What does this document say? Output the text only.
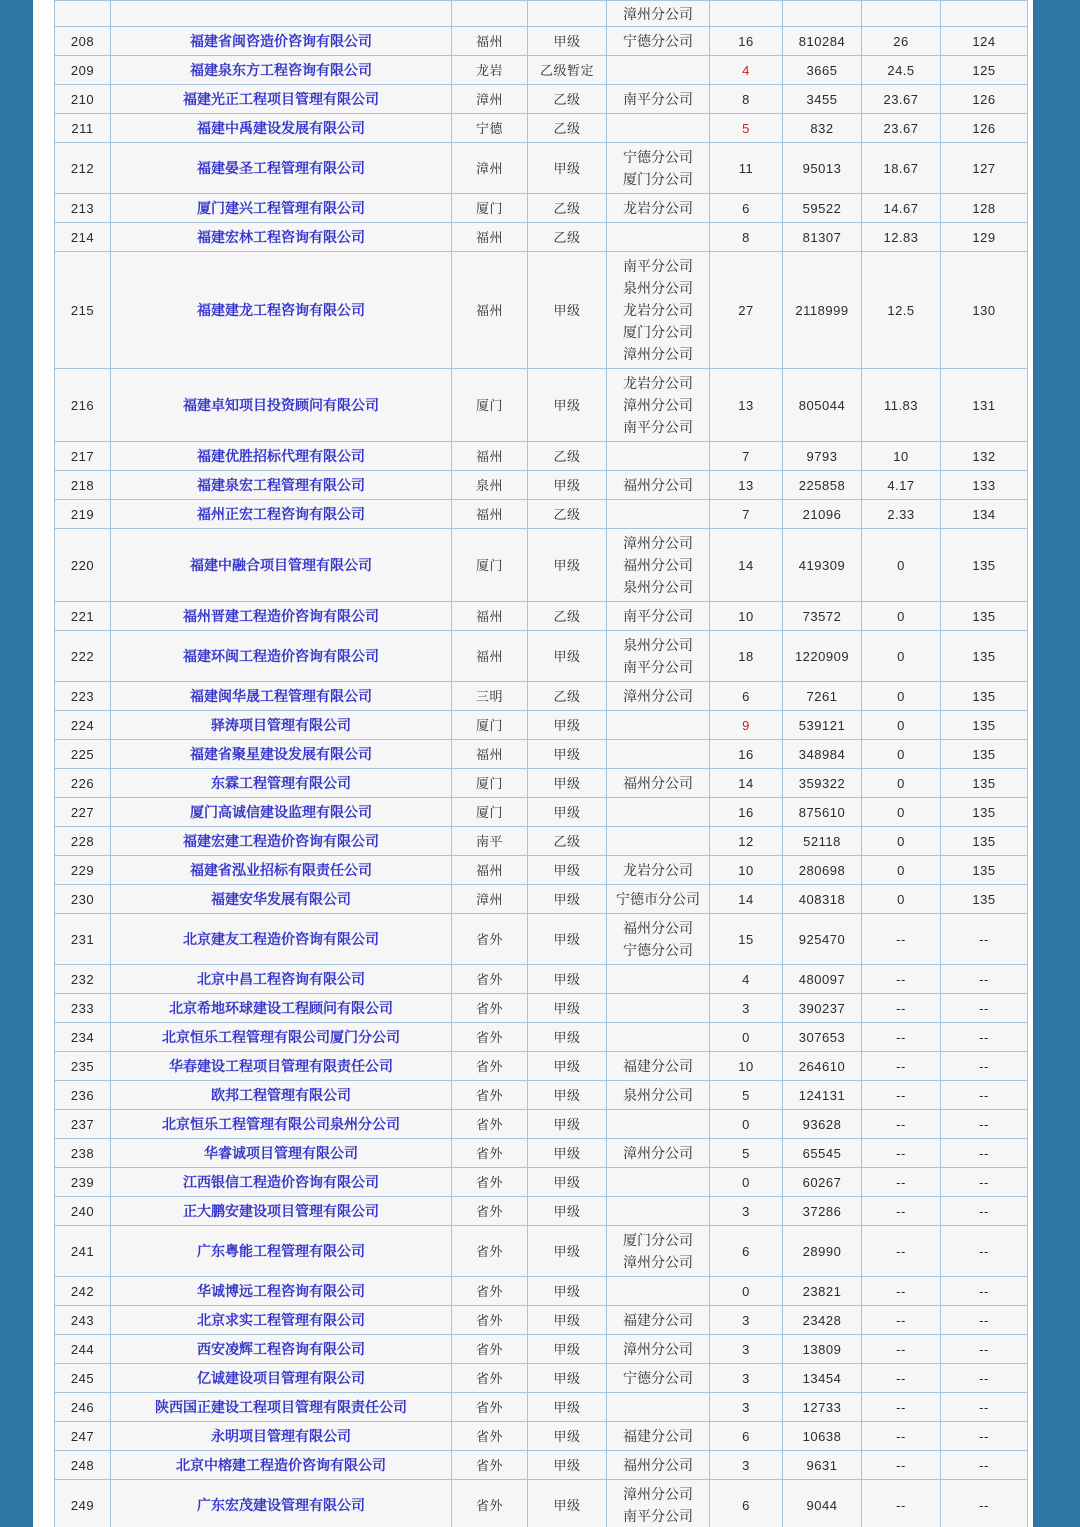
				漳州分公司				

208	福建省闽咨造价咨询有限公司	福州	甲级	宁德分公司	16	810284	26	124
209	福建泉东方工程咨询有限公司	龙岩	乙级暂定		4	3665	24.5	125
210	福建光正工程项目管理有限公司	漳州	乙级	南平分公司	8	3455	23.67	126
211	福建中禹建设发展有限公司	宁德	乙级		5	832	23.67	126
212	福建晏圣工程管理有限公司	漳州	甲级	宁德分公司
厦门分公司	11	95013	18.67	127
213	厦门建兴工程管理有限公司	厦门	乙级	龙岩分公司	6	59522	14.67	128
214	福建宏林工程咨询有限公司	福州	乙级		8	81307	12.83	129
215	福建建龙工程咨询有限公司	福州	甲级	南平分公司
泉州分公司
龙岩分公司
厦门分公司
漳州分公司	27	2118999	12.5	130
216	福建卓知项目投资顾问有限公司	厦门	甲级	龙岩分公司
漳州分公司
南平分公司	13	805044	11.83	131
217	福建优胜招标代理有限公司	福州	乙级		7	9793	10	132
218	福建泉宏工程管理有限公司	泉州	甲级	福州分公司	13	225858	4.17	133
219	福州正宏工程咨询有限公司	福州	乙级		7	21096	2.33	134
220	福建中融合项目管理有限公司	厦门	甲级	漳州分公司
福州分公司
泉州分公司	14	419309	0	135
221	福州晋建工程造价咨询有限公司	福州	乙级	南平分公司	10	73572	0	135
222	福建环闽工程造价咨询有限公司	福州	甲级	泉州分公司
南平分公司	18	1220909	0	135
223	福建闽华晟工程管理有限公司	三明	乙级	漳州分公司	6	7261	0	135
224	驿涛项目管理有限公司	厦门	甲级		9	539121	0	135
225	福建省聚星建设发展有限公司	福州	甲级		16	348984	0	135
226	东霖工程管理有限公司	厦门	甲级	福州分公司	14	359322	0	135
227	厦门高诚信建设监理有限公司	厦门	甲级		16	875610	0	135
228	福建宏建工程造价咨询有限公司	南平	乙级		12	52118	0	135
229	福建省泓业招标有限责任公司	福州	甲级	龙岩分公司	10	280698	0	135
230	福建安华发展有限公司	漳州	甲级	宁德市分公司	14	408318	0	135
231	北京建友工程造价咨询有限公司	省外	甲级	福州分公司
宁德分公司	15	925470	--	--
232	北京中昌工程咨询有限公司	省外	甲级		4	480097	--	--
233	北京希地环球建设工程顾问有限公司	省外	甲级		3	390237	--	--
234	北京恒乐工程管理有限公司厦门分公司	省外	甲级		0	307653	--	--
235	华春建设工程项目管理有限责任公司	省外	甲级	福建分公司	10	264610	--	--
236	欧邦工程管理有限公司	省外	甲级	泉州分公司	5	124131	--	--
237	北京恒乐工程管理有限公司泉州分公司	省外	甲级		0	93628	--	--
238	华睿诚项目管理有限公司	省外	甲级	漳州分公司	5	65545	--	--
239	江西银信工程造价咨询有限公司	省外	甲级		0	60267	--	--
240	正大鹏安建设项目管理有限公司	省外	甲级		3	37286	--	--
241	广东粤能工程管理有限公司	省外	甲级	厦门分公司
漳州分公司	6	28990	--	--
242	华诚博远工程咨询有限公司	省外	甲级		0	23821	--	--
243	北京求实工程管理有限公司	省外	甲级	福建分公司	3	23428	--	--
244	西安凌辉工程咨询有限公司	省外	甲级	漳州分公司	3	13809	--	--
245	亿诚建设项目管理有限公司	省外	甲级	宁德分公司	3	13454	--	--
246	陕西国正建设工程项目管理有限责任公司	省外	甲级		3	12733	--	--
247	永明项目管理有限公司	省外	甲级	福建分公司	6	10638	--	--
248	北京中榕建工程造价咨询有限公司	省外	甲级	福州分公司	3	9631	--	--
249	广东宏茂建设管理有限公司	省外	甲级	漳州分公司
南平分公司	6	9044	--	--
